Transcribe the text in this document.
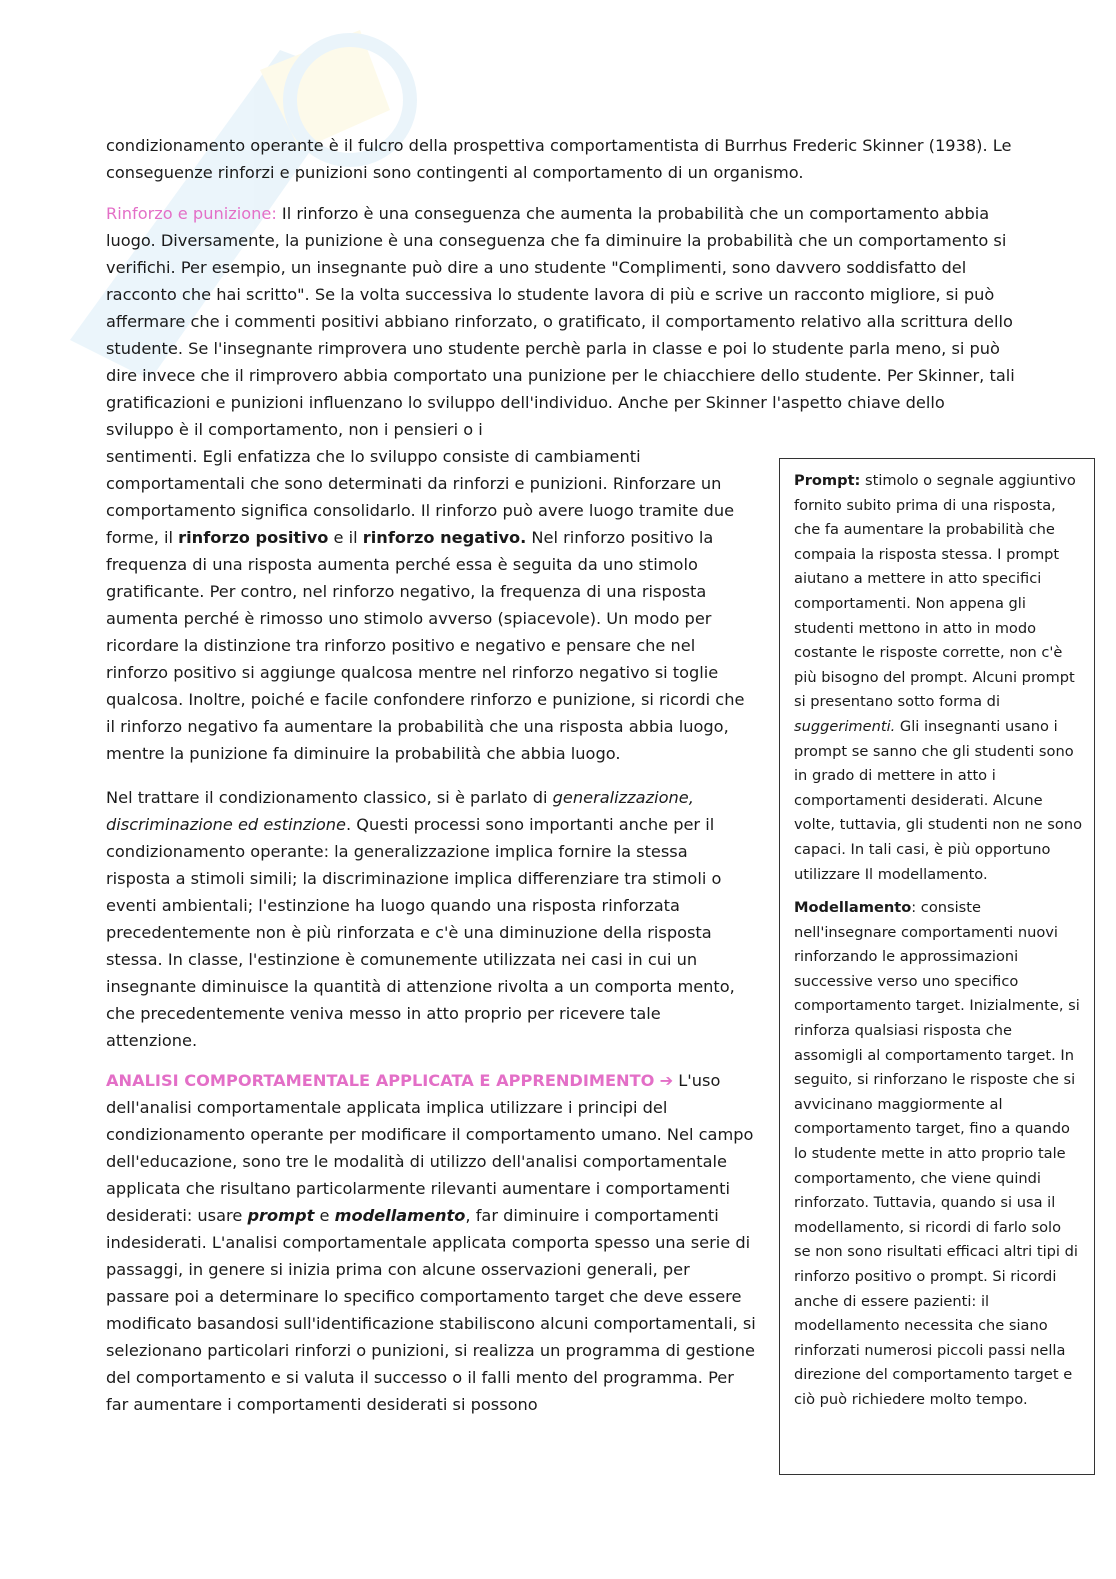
condizionamento operante è il fulcro della prospettiva comportamentista di Burrhus Frederic Skinner (1938). Le conseguenze rinforzi e punizioni sono contingenti al comportamento di un organismo.

Rinforzo e punizione: Il rinforzo è una conseguenza che aumenta la probabilità che un comportamento abbia luogo. Diversamente, la punizione è una conseguenza che fa diminuire la probabilità che un comportamento si verifichi. Per esempio, un insegnante può dire a uno studente "Complimenti, sono davvero soddisfatto del racconto che hai scritto". Se la volta successiva lo studente lavora di più e scrive un racconto migliore, si può affermare che i commenti positivi abbiano rinforzato, o gratificato, il comportamento relativo alla scrittura dello studente. Se l'insegnante rimprovera uno studente perchè parla in classe e poi lo studente parla meno, si può dire invece che il rimprovero abbia comportato una punizione per le chiacchiere dello studente. Per Skinner, tali gratificazioni e punizioni influenzano lo sviluppo dell'individuo. Anche per Skinner l'aspetto chiave dello sviluppo è il comportamento, non i pensieri o i

sentimenti. Egli enfatizza che lo sviluppo consiste di cambiamenti comportamentali che sono determinati da rinforzi e punizioni. Rinforzare un comportamento significa consolidarlo. Il rinforzo può avere luogo tramite due forme, il rinforzo positivo e il rinforzo negativo. Nel rinforzo positivo la frequenza di una risposta aumenta perché essa è seguita da uno stimolo gratificante. Per contro, nel rinforzo negativo, la frequenza di una risposta aumenta perché è rimosso uno stimolo avverso (spiacevole). Un modo per ricordare la distinzione tra rinforzo positivo e negativo e pensare che nel rinforzo positivo si aggiunge qualcosa mentre nel rinforzo negativo si toglie qualcosa. Inoltre, poiché e facile confondere rinforzo e punizione, si ricordi che il rinforzo negativo fa aumentare la probabilità che una risposta abbia luogo, mentre la punizione fa diminuire la probabilità che abbia luogo.

Nel trattare il condizionamento classico, si è parlato di generalizzazione, discriminazione ed estinzione. Questi processi sono importanti anche per il condizionamento operante: la generalizzazione implica fornire la stessa risposta a stimoli simili; la discriminazione implica differenziare tra stimoli o eventi ambientali; l'estinzione ha luogo quando una risposta rinforzata precedentemente non è più rinforzata e c'è una diminuzione della risposta stessa. In classe, l'estinzione è comunemente utilizzata nei casi in cui un insegnante diminuisce la quantità di attenzione rivolta a un comporta mento, che precedentemente veniva messo in atto proprio per ricevere tale attenzione.

ANALISI COMPORTAMENTALE APPLICATA E APPRENDIMENTO ➔ L'uso dell'analisi comportamentale applicata implica utilizzare i principi del condizionamento operante per modificare il comportamento umano. Nel campo dell'educazione, sono tre le modalità di utilizzo dell'analisi comportamentale applicata che risultano particolarmente rilevanti aumentare i comportamenti desiderati: usare prompt e modellamento, far diminuire i comportamenti indesiderati. L'analisi comportamentale applicata comporta spesso una serie di passaggi, in genere si inizia prima con alcune osservazioni generali, per passare poi a determinare lo specifico comportamento target che deve essere modificato basandosi sull'identificazione stabiliscono alcuni comportamentali, si selezionano particolari rinforzi o punizioni, si realizza un programma di gestione del comportamento e si valuta il successo o il falli mento del programma. Per far aumentare i comportamenti desiderati si possono

Prompt: stimolo o segnale aggiuntivo fornito subito prima di una risposta, che fa aumentare la probabilità che compaia la risposta stessa. I prompt aiutano a mettere in atto specifici comportamenti. Non appena gli studenti mettono in atto in modo costante le risposte corrette, non c'è più bisogno del prompt. Alcuni prompt si presentano sotto forma di suggerimenti. Gli insegnanti usano i prompt se sanno che gli studenti sono in grado di mettere in atto i comportamenti desiderati. Alcune volte, tuttavia, gli studenti non ne sono capaci. In tali casi, è più opportuno utilizzare Il modellamento.

Modellamento: consiste nell'insegnare comportamenti nuovi rinforzando le approssimazioni successive verso uno specifico comportamento target. Inizialmente, si rinforza qualsiasi risposta che assomigli al comportamento target. In seguito, si rinforzano le risposte che si avvicinano maggiormente al comportamento target, fino a quando lo studente mette in atto proprio tale comportamento, che viene quindi rinforzato. Tuttavia, quando si usa il modellamento, si ricordi di farlo solo se non sono risultati efficaci altri tipi di rinforzo positivo o prompt. Si ricordi anche di essere pazienti: il modellamento necessita che siano rinforzati numerosi piccoli passi nella direzione del comportamento target e ciò può richiedere molto tempo.
